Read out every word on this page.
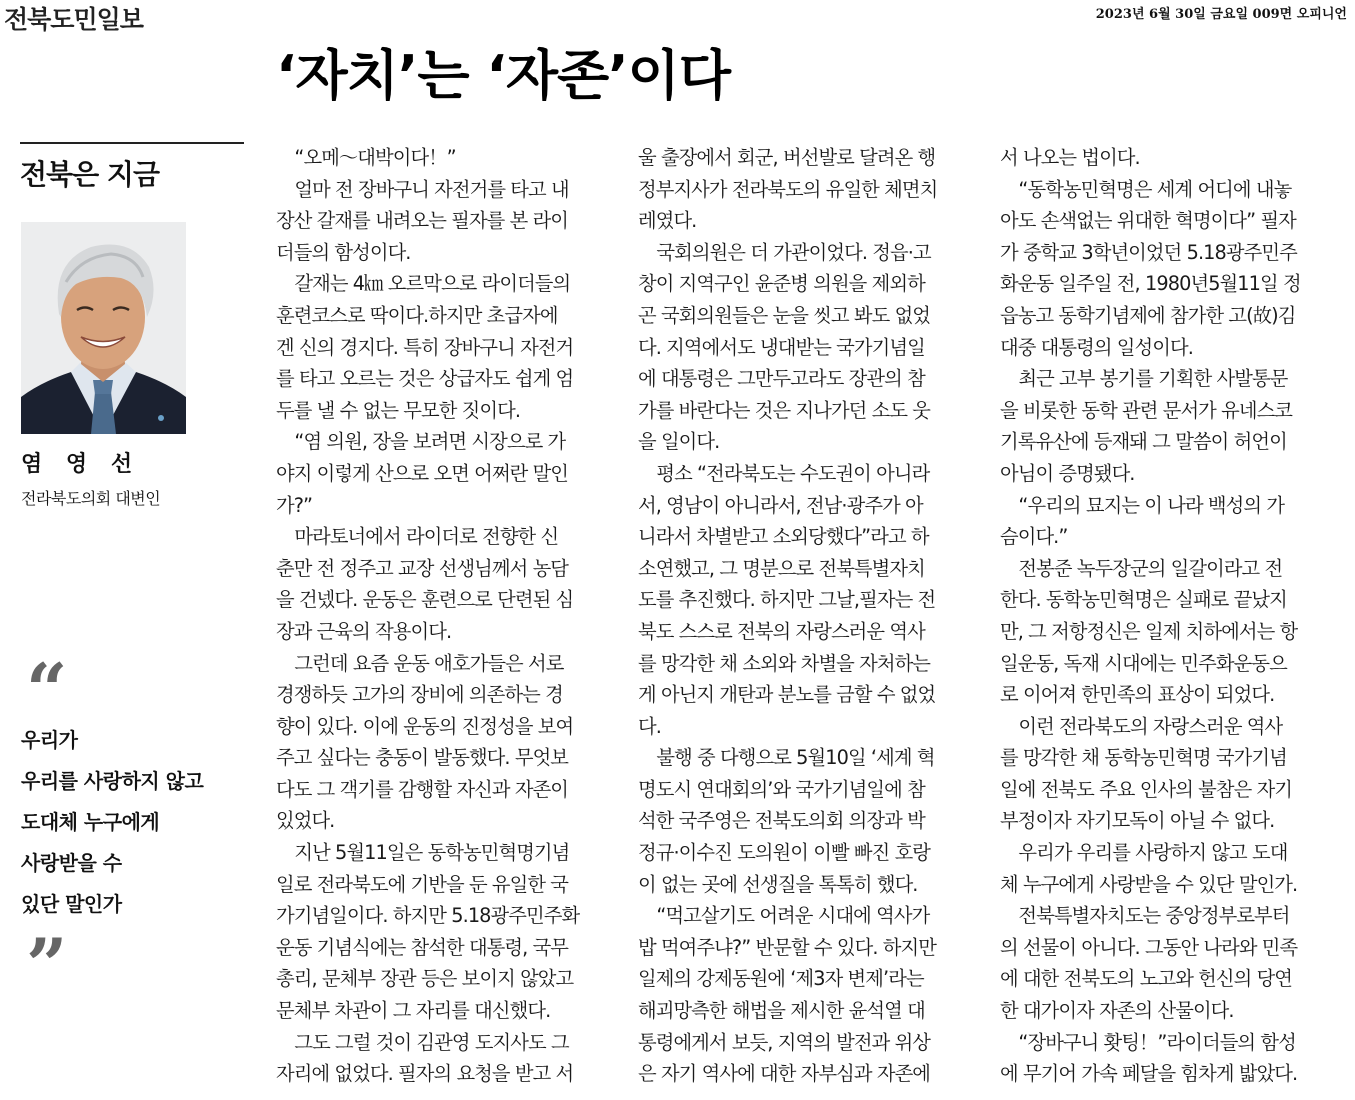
전북도민일보	2023년 6월 30일 금요일 009면 오피니언
‘자치’는 ‘자존’이다
전북은 지금
염 영 선
전라북도의회 대변인
“
우리가
우리를 사랑하지 않고
도대체 누구에게
사랑받을 수
있단 말인가
”
　“오메～대박이다！”
　얼마 전 장바구니 자전거를 타고 내
장산 갈재를 내려오는 필자를 본 라이
더들의 함성이다.
　갈재는 4㎞ 오르막으로 라이더들의
훈련코스로 딱이다.하지만 초급자에
겐 신의 경지다. 특히 장바구니 자전거
를 타고 오르는 것은 상급자도 쉽게 엄
두를 낼 수 없는 무모한 짓이다.
　“염 의원, 장을 보려면 시장으로 가
야지 이렇게 산으로 오면 어쩌란 말인
가?”
　마라토너에서 라이더로 전향한 신
춘만 전 정주고 교장 선생님께서 농담
을 건넸다. 운동은 훈련으로 단련된 심
장과 근육의 작용이다.
　그런데 요즘 운동 애호가들은 서로
경쟁하듯 고가의 장비에 의존하는 경
향이 있다. 이에 운동의 진정성을 보여
주고 싶다는 충동이 발동했다. 무엇보
다도 그 객기를 감행할 자신과 자존이
있었다.
　지난 5월11일은 동학농민혁명기념
일로 전라북도에 기반을 둔 유일한 국
가기념일이다. 하지만 5.18광주민주화
운동 기념식에는 참석한 대통령, 국무
총리, 문체부 장관 등은 보이지 않았고
문체부 차관이 그 자리를 대신했다.
　그도 그럴 것이 김관영 도지사도 그
자리에 없었다. 필자의 요청을 받고 서
울 출장에서 회군, 버선발로 달려온 행
정부지사가 전라북도의 유일한 체면치
레였다.
　국회의원은 더 가관이었다. 정읍·고
창이 지역구인 윤준병 의원을 제외하
곤 국회의원들은 눈을 씻고 봐도 없었
다. 지역에서도 냉대받는 국가기념일
에 대통령은 그만두고라도 장관의 참
가를 바란다는 것은 지나가던 소도 웃
을 일이다.
　평소 “전라북도는 수도권이 아니라
서, 영남이 아니라서, 전남·광주가 아
니라서 차별받고 소외당했다”라고 하
소연했고, 그 명분으로 전북특별자치
도를 추진했다. 하지만 그날,필자는 전
북도 스스로 전북의 자랑스러운 역사
를 망각한 채 소외와 차별을 자처하는
게 아닌지 개탄과 분노를 금할 수 없었
다.
　불행 중 다행으로 5월10일 ‘세계 혁
명도시 연대회의’와 국가기념일에 참
석한 국주영은 전북도의회 의장과 박
정규·이수진 도의원이 이빨 빠진 호랑
이 없는 곳에 선생질을 톡톡히 했다.
　“먹고살기도 어려운 시대에 역사가
밥 먹여주냐?” 반문할 수 있다. 하지만
일제의 강제동원에 ‘제3자 변제’라는
해괴망측한 해법을 제시한 윤석열 대
통령에게서 보듯, 지역의 발전과 위상
은 자기 역사에 대한 자부심과 자존에
서 나오는 법이다.
　“동학농민혁명은 세계 어디에 내놓
아도 손색없는 위대한 혁명이다” 필자
가 중학교 3학년이었던 5.18광주민주
화운동 일주일 전, 1980년5월11일 정
읍농고 동학기념제에 참가한 고(故)김
대중 대통령의 일성이다.
　최근 고부 봉기를 기획한 사발통문
을 비롯한 동학 관련 문서가 유네스코
기록유산에 등재돼 그 말씀이 허언이
아님이 증명됐다.
　“우리의 묘지는 이 나라 백성의 가
슴이다.”
　전봉준 녹두장군의 일갈이라고 전
한다. 동학농민혁명은 실패로 끝났지
만, 그 저항정신은 일제 치하에서는 항
일운동, 독재 시대에는 민주화운동으
로 이어져 한민족의 표상이 되었다.
　이런 전라북도의 자랑스러운 역사
를 망각한 채 동학농민혁명 국가기념
일에 전북도 주요 인사의 불참은 자기
부정이자 자기모독이 아닐 수 없다.
　우리가 우리를 사랑하지 않고 도대
체 누구에게 사랑받을 수 있단 말인가.
　전북특별자치도는 중앙정부로부터
의 선물이 아니다. 그동안 나라와 민족
에 대한 전북도의 노고와 헌신의 당연
한 대가이자 자존의 산물이다.
　“장바구니 홧팅！”라이더들의 함성
에 무기어 가속 페달을 힘차게 밟았다.
